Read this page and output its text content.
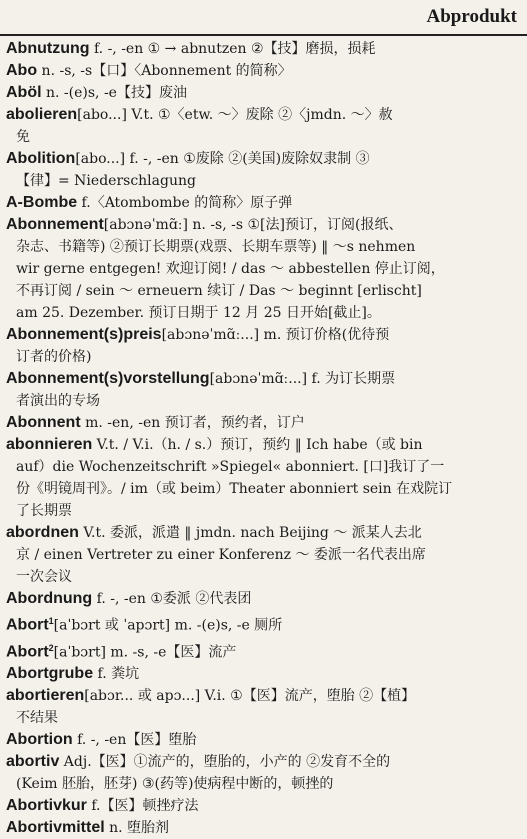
Abprodukt
Abnutzung f. -, -en ① → abnutzen ②【技】磨损，损耗
Abo n. -s, -s【口】〈Abonnement 的简称〉
Aböl n. -(e)s, -e【技】废油
abolieren[abo...] V.t. ①〈etw. ～〉废除 ②〈jmdn. ～〉赦
免
Abolition[abo...] f. -, -en ①废除 ②(美国)废除奴隶制 ③
【律】= Niederschlagung
A-Bombe f.〈Atombombe 的简称〉原子弹
Abonnement[abɔnəˈmɑ̃ː] n. -s, -s ①[法]预订，订阅(报纸、
杂志、书籍等) ②预订长期票(戏票、长期车票等) ‖ ～s nehmen
wir gerne entgegen! 欢迎订阅! / das ～ abbestellen 停止订阅，
不再订阅 / sein ～ erneuern 续订 / Das ～ beginnt [erlischt]
am 25. Dezember. 预订日期于 12 月 25 日开始[截止]。
Abonnement(s)preis[abɔnəˈmɑ̃ː...] m. 预订价格(优待预
订者的价格)
Abonnement(s)vorstellung[abɔnəˈmɑ̃ː...] f. 为订长期票
者演出的专场
Abonnent m. -en, -en 预订者，预约者，订户
abonnieren V.t. / V.i.（h. / s.）预订，预约 ‖ Ich habe（或 bin
auf）die Wochenzeitschrift »Spiegel« abonniert. [口]我订了一
份《明镜周刊》。/ im（或 beim）Theater abonniert sein 在戏院订
了长期票
abordnen V.t. 委派，派遣 ‖ jmdn. nach Beijing ～ 派某人去北
京 / einen Vertreter zu einer Konferenz ～ 委派一名代表出席
一次会议
Abordnung f. -, -en ①委派 ②代表团
Abort$^1$[aˈbɔrt 或 ˈapɔrt] m. -(e)s, -e 厕所
Abort$^2$[aˈbɔrt] m. -s, -e【医】流产
Abortgrube f. 粪坑
abortieren[abɔr... 或 apɔ...] V.i. ①【医】流产，堕胎 ②【植】
不结果
Abortion f. -, -en【医】堕胎
abortiv Adj.【医】①流产的，堕胎的，小产的 ②发育不全的
(Keim 胚胎，胚芽) ③(药等)使病程中断的，顿挫的
Abortivkur f.【医】顿挫疗法
Abortivmittel n. 堕胎剂
